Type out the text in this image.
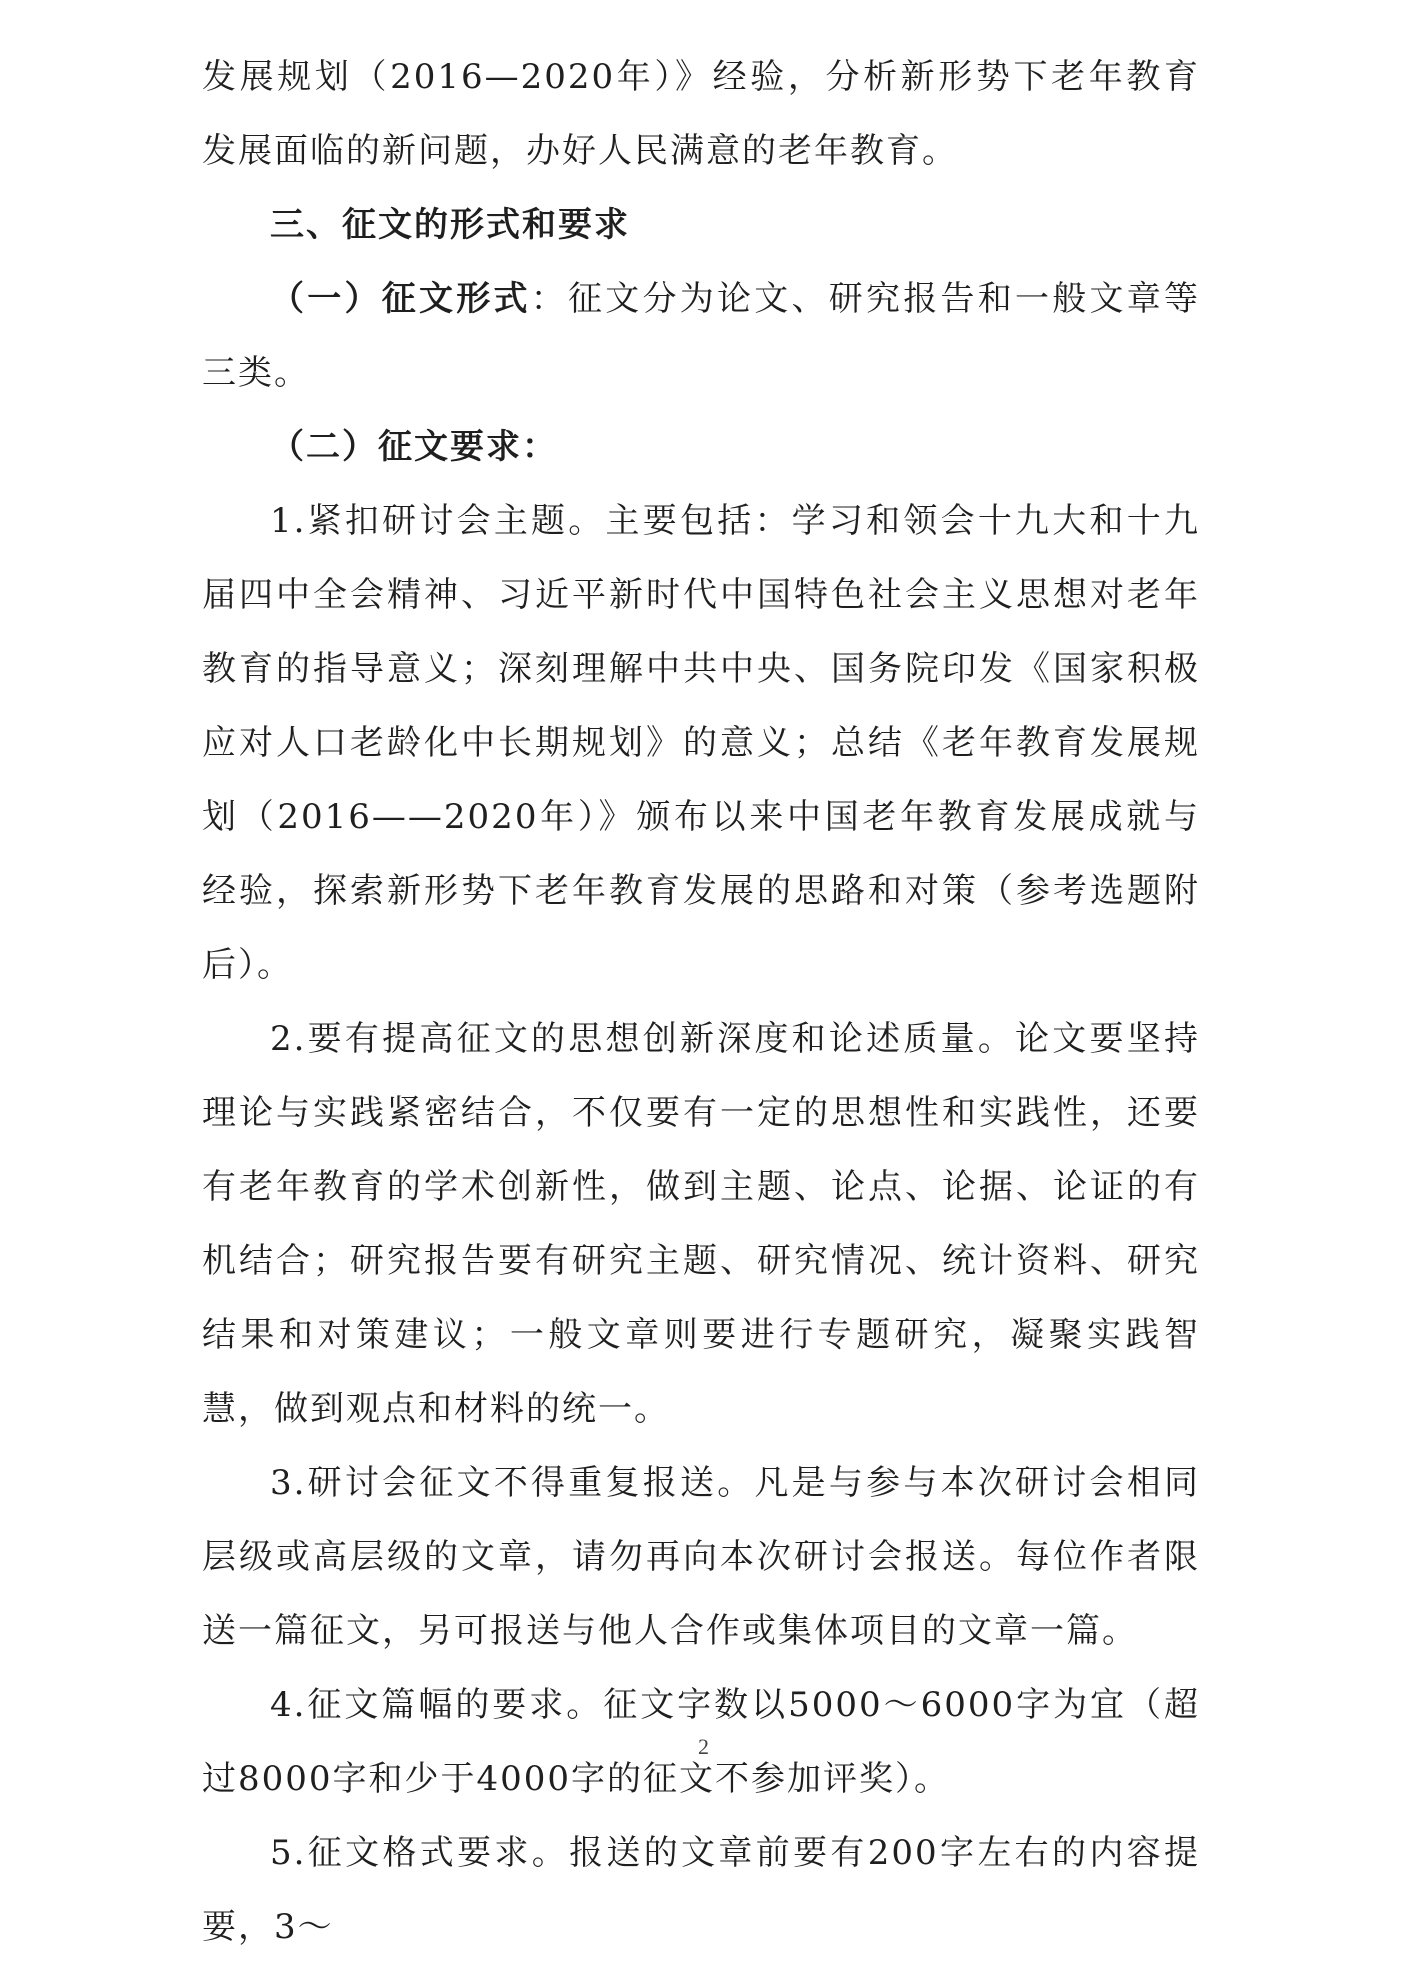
发展规划（2016—2020年）》经验，分析新形势下老年教育发展面临的新问题，办好人民满意的老年教育。

三、征文的形式和要求

（一）征文形式：征文分为论文、研究报告和一般文章等三类。

（二）征文要求：

1.紧扣研讨会主题。主要包括：学习和领会十九大和十九届四中全会精神、习近平新时代中国特色社会主义思想对老年教育的指导意义；深刻理解中共中央、国务院印发《国家积极应对人口老龄化中长期规划》的意义；总结《老年教育发展规划（2016——2020年）》颁布以来中国老年教育发展成就与经验，探索新形势下老年教育发展的思路和对策（参考选题附后）。

2.要有提高征文的思想创新深度和论述质量。论文要坚持理论与实践紧密结合，不仅要有一定的思想性和实践性，还要有老年教育的学术创新性，做到主题、论点、论据、论证的有机结合；研究报告要有研究主题、研究情况、统计资料、研究结果和对策建议；一般文章则要进行专题研究，凝聚实践智慧，做到观点和材料的统一。

3.研讨会征文不得重复报送。凡是与参与本次研讨会相同层级或高层级的文章，请勿再向本次研讨会报送。每位作者限送一篇征文，另可报送与他人合作或集体项目的文章一篇。

4.征文篇幅的要求。征文字数以5000～6000字为宜（超过8000字和少于4000字的征文不参加评奖）。

5.征文格式要求。报送的文章前要有200字左右的内容提要，3～

2
